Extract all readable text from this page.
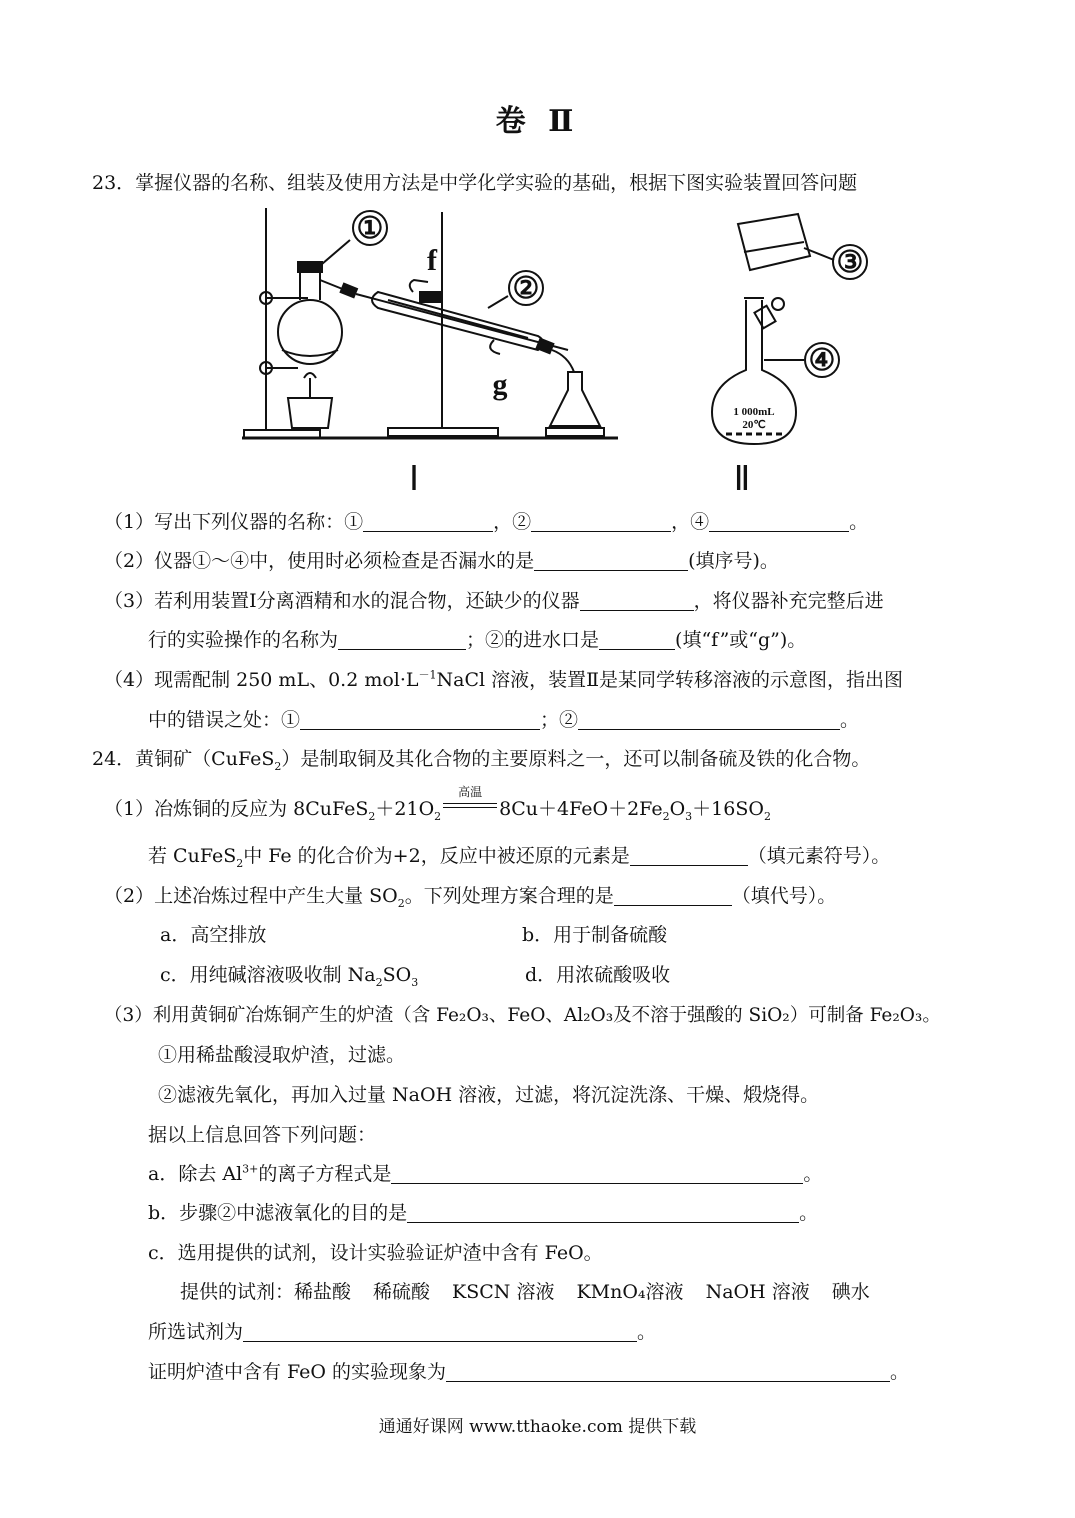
卷 Ⅱ
23．掌握仪器的名称、组装及使用方法是中学化学实验的基础，根据下图实验装置回答问题
①
②
③
④
f
g
1 000mL
20℃
Ⅰ	Ⅱ
（1）写出下列仪器的名称：①	，②	，④	。
（2）仪器①～④中，使用时必须检查是否漏水的是	(填序号)。
（3）若利用装置Ⅰ分离酒精和水的混合物，还缺少的仪器	，将仪器补充完整后进
行的实验操作的名称为	；②的进水口是	(填“f”或“g”)。
（4）现需配制 250 mL、0.2 $mol\cdot L^{-1}NaCl$ 溶液，装置Ⅱ是某同学转移溶液的示意图，指出图
中的错误之处：①	；②	。
24．黄铜矿（CuFeS$_2$）是制取铜及其化合物的主要原料之一，还可以制备硫及铁的化合物。
（1）冶炼铜的反应为 $8CuFeS_2+21O_2$
高温
$8Cu+4FeO+2Fe_2O_3+16SO_2$
若 CuFeS$_2$中 Fe 的化合价为+2，反应中被还原的元素是	（填元素符号）。
（2）上述冶炼过程中产生大量 $SO_2$。下列处理方案合理的是	（填代号）。
a．高空排放	b．用于制备硫酸
c．用纯碱溶液吸收制 $Na_2SO_3$	d．用浓硫酸吸收
（3）利用黄铜矿冶炼铜产生的炉渣（含 Fe₂O₃、FeO、Al₂O₃及不溶于强酸的 SiO₂）可制备 Fe₂O₃。
①用稀盐酸浸取炉渣，过滤。
②滤液先氧化，再加入过量 NaOH 溶液，过滤，将沉淀洗涤、干燥、煅烧得。
据以上信息回答下列问题：
a．除去 $Al^{3+}$的离子方程式是	。
b．步骤②中滤液氧化的目的是	。
c．选用提供的试剂，设计实验验证炉渣中含有 FeO。
提供的试剂：稀盐酸 稀硫酸 KSCN 溶液 KMnO₄溶液 NaOH 溶液 碘水
所选试剂为	。
证明炉渣中含有 FeO 的实验现象为	。
通通好课网 www.tthaoke.com 提供下载
